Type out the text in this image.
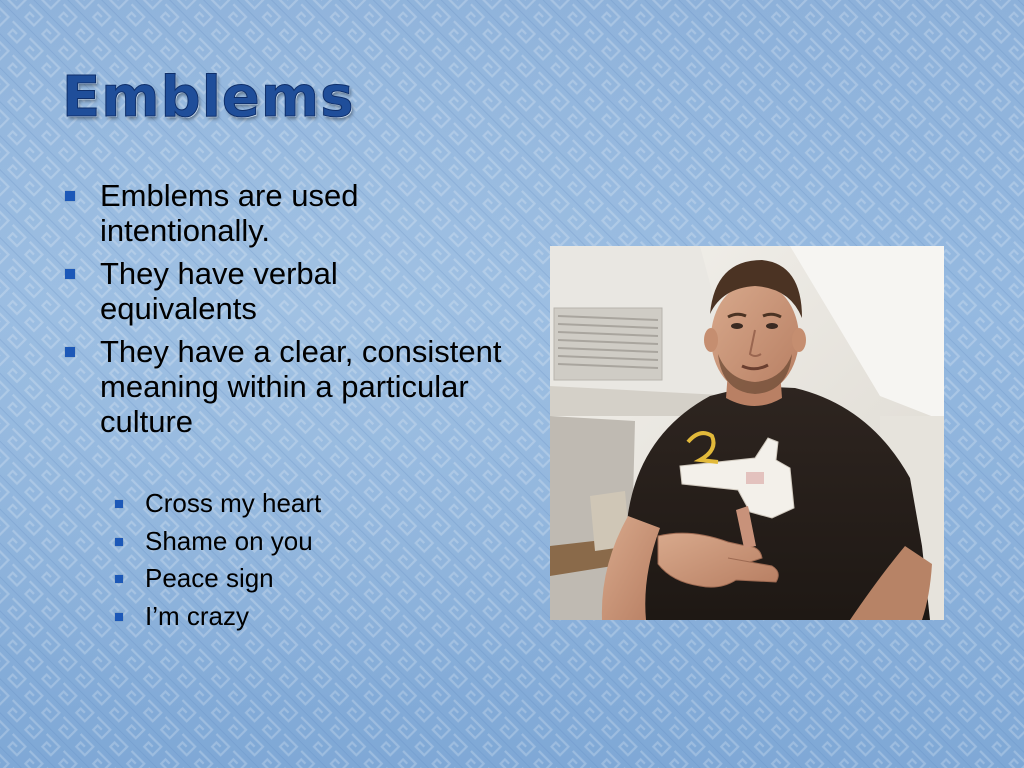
Emblems
Emblems are used intentionally.
They have verbal equivalents
They have a clear, consistent meaning within a particular culture
Cross my heart
Shame on you
Peace sign
I’m crazy
